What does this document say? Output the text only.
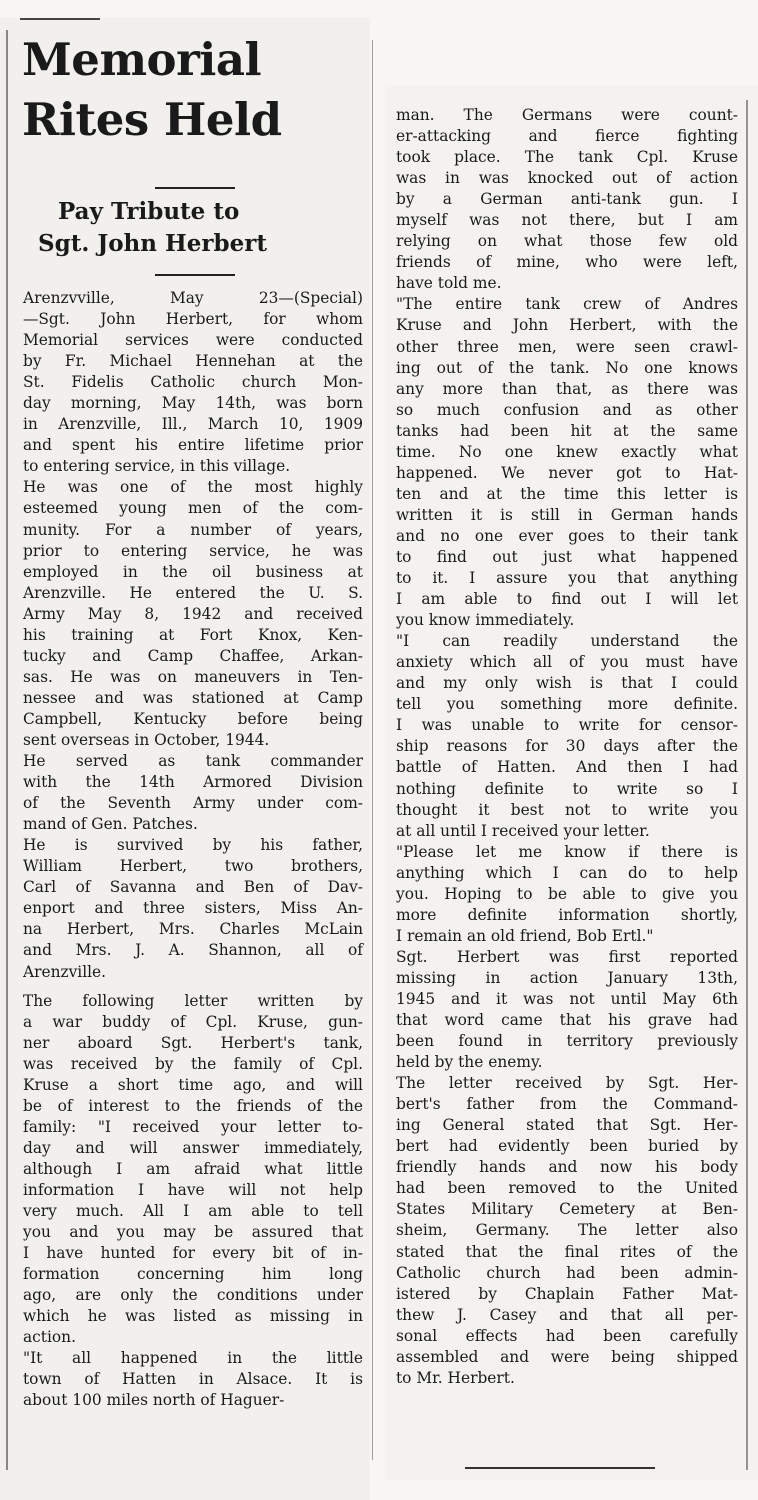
Memorial
Rites Held
Pay Tribute to
Sgt. John Herbert

Arenzvville, May 23—(Special)
—Sgt. John Herbert, for whom
Memorial services were conducted
by Fr. Michael Hennehan at the
St. Fidelis Catholic church Mon-
day morning, May 14th, was born
in Arenzville, Ill., March 10, 1909
and spent his entire lifetime prior
to entering service, in this village.

He was one of the most highly
esteemed young men of the com-
munity. For a number of years,
prior to entering service, he was
employed in the oil business at
Arenzville. He entered the U. S.
Army May 8, 1942 and received
his training at Fort Knox, Ken-
tucky and Camp Chaffee, Arkan-
sas. He was on maneuvers in Ten-
nessee and was stationed at Camp
Campbell, Kentucky before being
sent overseas in October, 1944.

He served as tank commander
with the 14th Armored Division
of the Seventh Army under com-
mand of Gen. Patches.

He is survived by his father,
William Herbert, two brothers,
Carl of Savanna and Ben of Dav-
enport and three sisters, Miss An-
na Herbert, Mrs. Charles McLain
and Mrs. J. A. Shannon, all of
Arenzville.

The following letter written by
a war buddy of Cpl. Kruse, gun-
ner aboard Sgt. Herbert's tank,
was received by the family of Cpl.
Kruse a short time ago, and will
be of interest to the friends of the
family: "I received your letter to-
day and will answer immediately,
although I am afraid what little
information I have will not help
very much. All I am able to tell
you and you may be assured that
I have hunted for every bit of in-
formation concerning him long
ago, are only the conditions under
which he was listed as missing in
action.

"It all happened in the little
town of Hatten in Alsace. It is
about 100 miles north of Haguer-

man. The Germans were count-
er-attacking and fierce fighting
took place. The tank Cpl. Kruse
was in was knocked out of action
by a German anti-tank gun. I
myself was not there, but I am
relying on what those few old
friends of mine, who were left,
have told me.

"The entire tank crew of Andres
Kruse and John Herbert, with the
other three men, were seen crawl-
ing out of the tank. No one knows
any more than that, as there was
so much confusion and as other
tanks had been hit at the same
time. No one knew exactly what
happened. We never got to Hat-
ten and at the time this letter is
written it is still in German hands
and no one ever goes to their tank
to find out just what happened
to it. I assure you that anything
I am able to find out I will let
you know immediately.

"I can readily understand the
anxiety which all of you must have
and my only wish is that I could
tell you something more definite.
I was unable to write for censor-
ship reasons for 30 days after the
battle of Hatten. And then I had
nothing definite to write so I
thought it best not to write you
at all until I received your letter.

"Please let me know if there is
anything which I can do to help
you. Hoping to be able to give you
more definite information shortly,
I remain an old friend, Bob Ertl."

Sgt. Herbert was first reported
missing in action January 13th,
1945 and it was not until May 6th
that word came that his grave had
been found in territory previously
held by the enemy.

The letter received by Sgt. Her-
bert's father from the Command-
ing General stated that Sgt. Her-
bert had evidently been buried by
friendly hands and now his body
had been removed to the United
States Military Cemetery at Ben-
sheim, Germany. The letter also
stated that the final rites of the
Catholic church had been admin-
istered by Chaplain Father Mat-
thew J. Casey and that all per-
sonal effects had been carefully
assembled and were being shipped
to Mr. Herbert.
